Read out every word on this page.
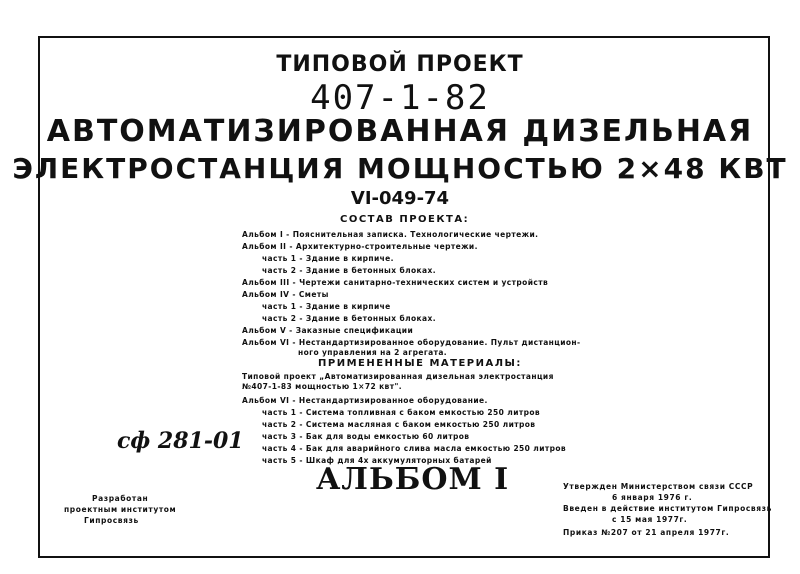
ТИПОВОЙ ПРОЕКТ
407-1-82
АВТОМАТИЗИРОВАННАЯ ДИЗЕЛЬНАЯ
ЭЛЕКТРОСТАНЦИЯ МОЩНОСТЬЮ 2×48 КВТ
VI-049-74
СОСТАВ ПРОЕКТА:
Альбом I - Пояснительная записка. Технологические чертежи.
Альбом II - Архитектурно-строительные чертежи.
часть 1 - Здание в кирпиче.
часть 2 - Здание в бетонных блоках.
Альбом III - Чертежи санитарно-технических систем и устройств
Альбом IV - Сметы
часть 1 - Здание в кирпиче
часть 2 - Здание в бетонных блоках.
Альбом V - Заказные спецификации
Альбом VI - Нестандартизированное оборудование. Пульт дистанцион-
ного управления на 2 агрегата.
ПРИМЕНЕННЫЕ МАТЕРИАЛЫ:
Типовой проект „Автоматизированная дизельная электростанция
№407-1-83 мощностью 1×72 квт".
Альбом VI - Нестандартизированное оборудование.
часть 1 - Система топливная с баком емкостью 250 литров
часть 2 - Система масляная с баком емкостью 250 литров
часть 3 - Бак для воды емкостью 60 литров
часть 4 - Бак для аварийного слива масла емкостью 250 литров
часть 5 - Шкаф для 4х аккумуляторных батарей
сф 281-01
АЛЬБОМ I
Разработан
проектным институтом
Гипросвязь
Утвержден Министерством связи СССР
6 января 1976 г.
Введен в действие институтом Гипросвязь
с 15 мая 1977г.
Приказ №207 от 21 апреля 1977г.
